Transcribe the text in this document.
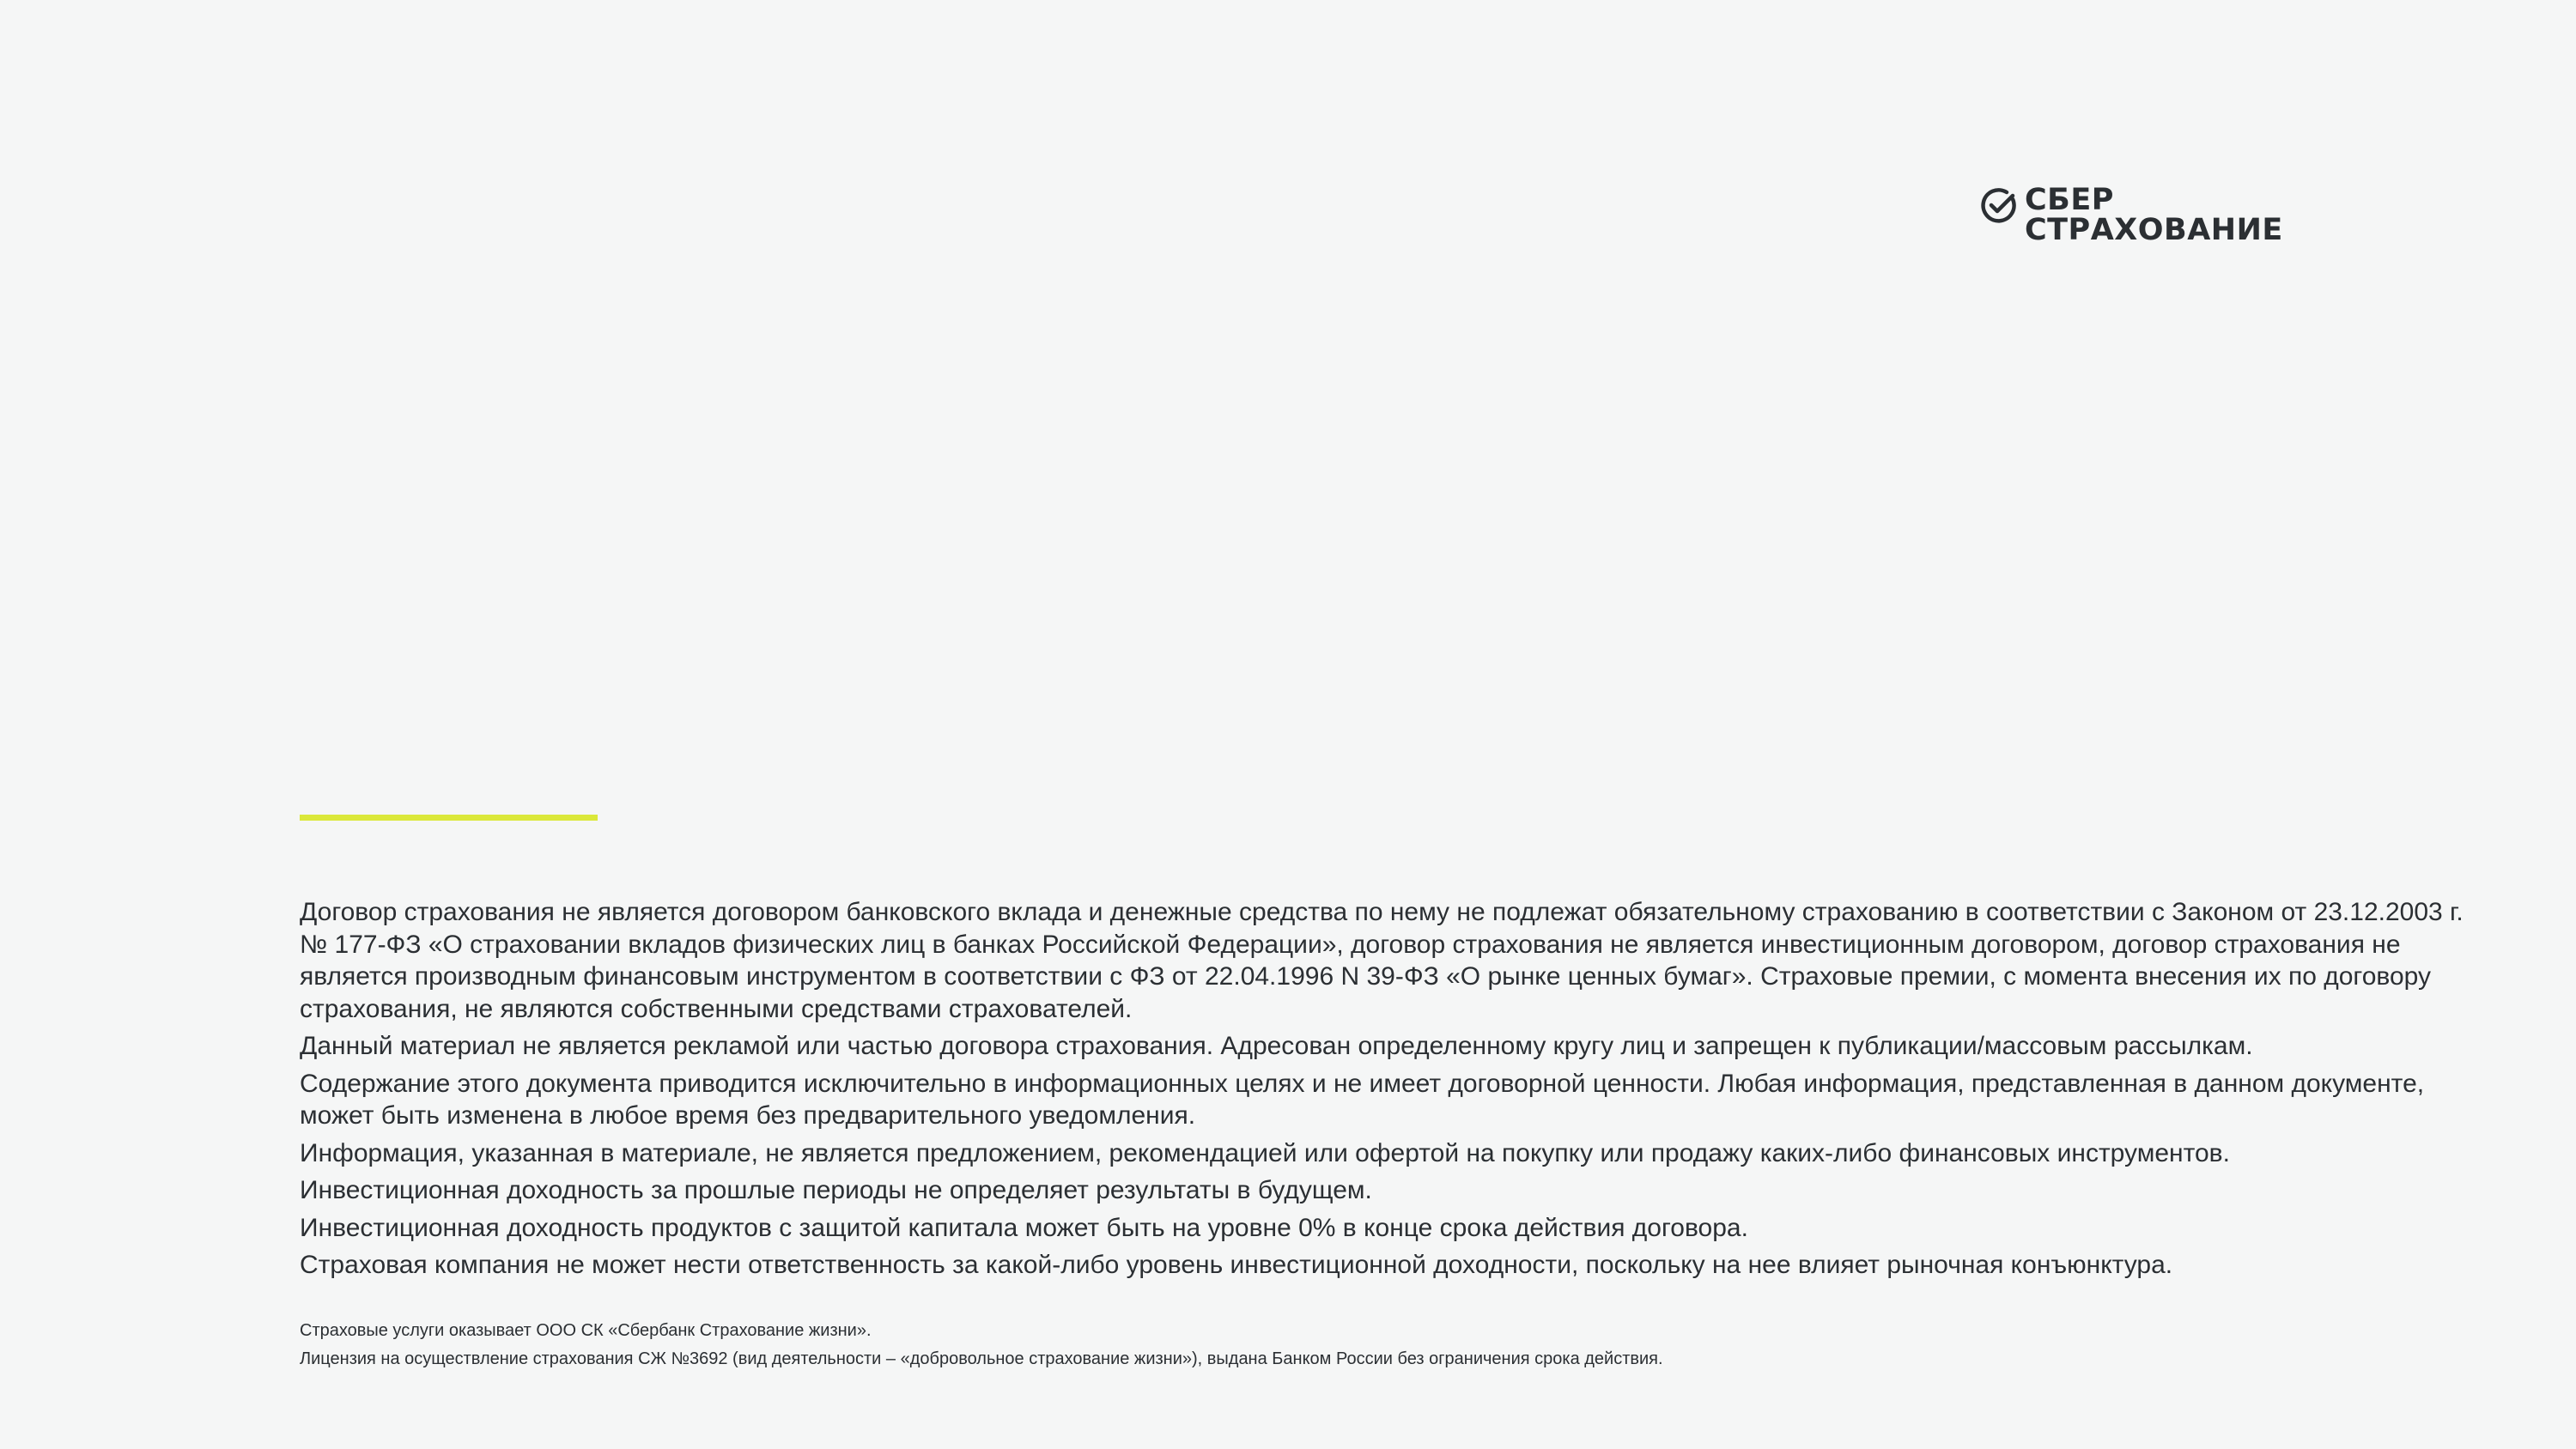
СБЕР
СТРАХОВАНИЕ

Договор страхования не является договором банковского вклада и денежные средства по нему не подлежат обязательному страхованию в соответствии с Законом от 23.12.2003 г. № 177-ФЗ «О страховании вкладов физических лиц в банках Российской Федерации», договор страхования не является инвестиционным договором, договор страхования не является производным финансовым инструментом в соответствии с ФЗ от 22.04.1996 N 39-ФЗ «О рынке ценных бумаг». Страховые премии, с момента внесения их по договору страхования, не являются собственными средствами страхователей.

Данный материал не является рекламой или частью договора страхования. Адресован определенному кругу лиц и запрещен к публикации/массовым рассылкам.

Содержание этого документа приводится исключительно в информационных целях и не имеет договорной ценности. Любая информация, представленная в данном документе, может быть изменена в любое время без предварительного уведомления.

Информация, указанная в материале, не является предложением, рекомендацией или офертой на покупку или продажу каких-либо финансовых инструментов.

Инвестиционная доходность за прошлые периоды не определяет результаты в будущем.

Инвестиционная доходность продуктов с защитой капитала может быть на уровне 0% в конце срока действия договора.

Страховая компания не может нести ответственность за какой-либо уровень инвестиционной доходности, поскольку на нее влияет рыночная конъюнктура.

Страховые услуги оказывает ООО СК «Сбербанк Страхование жизни».

Лицензия на осуществление страхования СЖ №3692 (вид деятельности – «добровольное страхование жизни»), выдана Банком России без ограничения срока действия.
